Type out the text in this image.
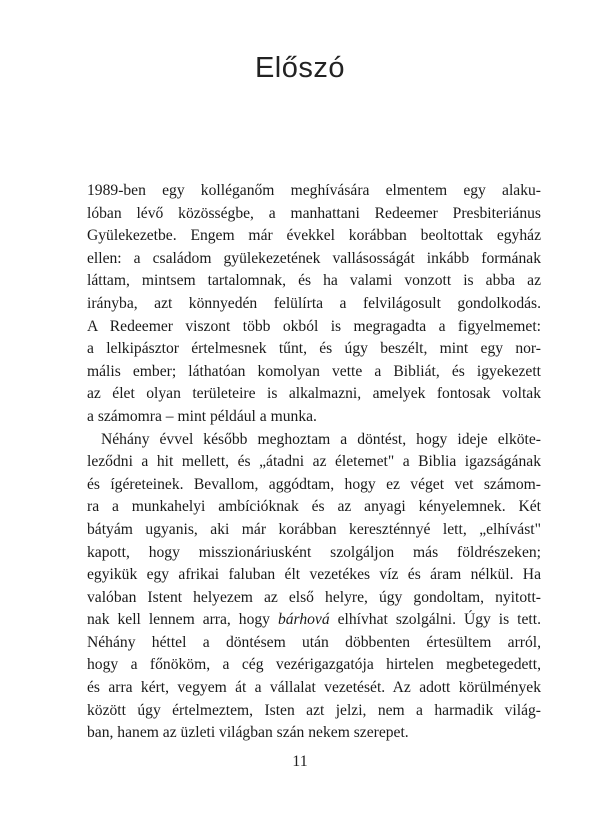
Előszó
1989-ben egy kolléganőm meghívására elmentem egy alaku-
lóban lévő közösségbe, a manhattani Redeemer Presbiteriánus
Gyülekezetbe. Engem már évekkel korábban beoltottak egyház
ellen: a családom gyülekezetének vallásosságát inkább formának
láttam, mintsem tartalomnak, és ha valami vonzott is abba az
irányba, azt könnyedén felülírta a felvilágosult gondolkodás.
A Redeemer viszont több okból is megragadta a figyelmemet:
a lelkipásztor értelmesnek tűnt, és úgy beszélt, mint egy nor-
mális ember; láthatóan komolyan vette a Bibliát, és igyekezett
az élet olyan területeire is alkalmazni, amelyek fontosak voltak
a számomra – mint például a munka.
Néhány évvel később meghoztam a döntést, hogy ideje elköte-
leződni a hit mellett, és „átadni az életemet" a Biblia igazságának
és ígéreteinek. Bevallom, aggódtam, hogy ez véget vet számom-
ra a munkahelyi ambícióknak és az anyagi kényelemnek. Két
bátyám ugyanis, aki már korábban kereszténnyé lett, „elhívást"
kapott, hogy misszionáriusként szolgáljon más földrészeken;
egyikük egy afrikai faluban élt vezetékes víz és áram nélkül. Ha
valóban Istent helyezem az első helyre, úgy gondoltam, nyitott-
nak kell lennem arra, hogy bárhová elhívhat szolgálni. Úgy is tett.
Néhány héttel a döntésem után döbbenten értesültem arról,
hogy a főnököm, a cég vezérigazgatója hirtelen megbetegedett,
és arra kért, vegyem át a vállalat vezetését. Az adott körülmények
között úgy értelmeztem, Isten azt jelzi, nem a harmadik világ-
ban, hanem az üzleti világban szán nekem szerepet.
11
